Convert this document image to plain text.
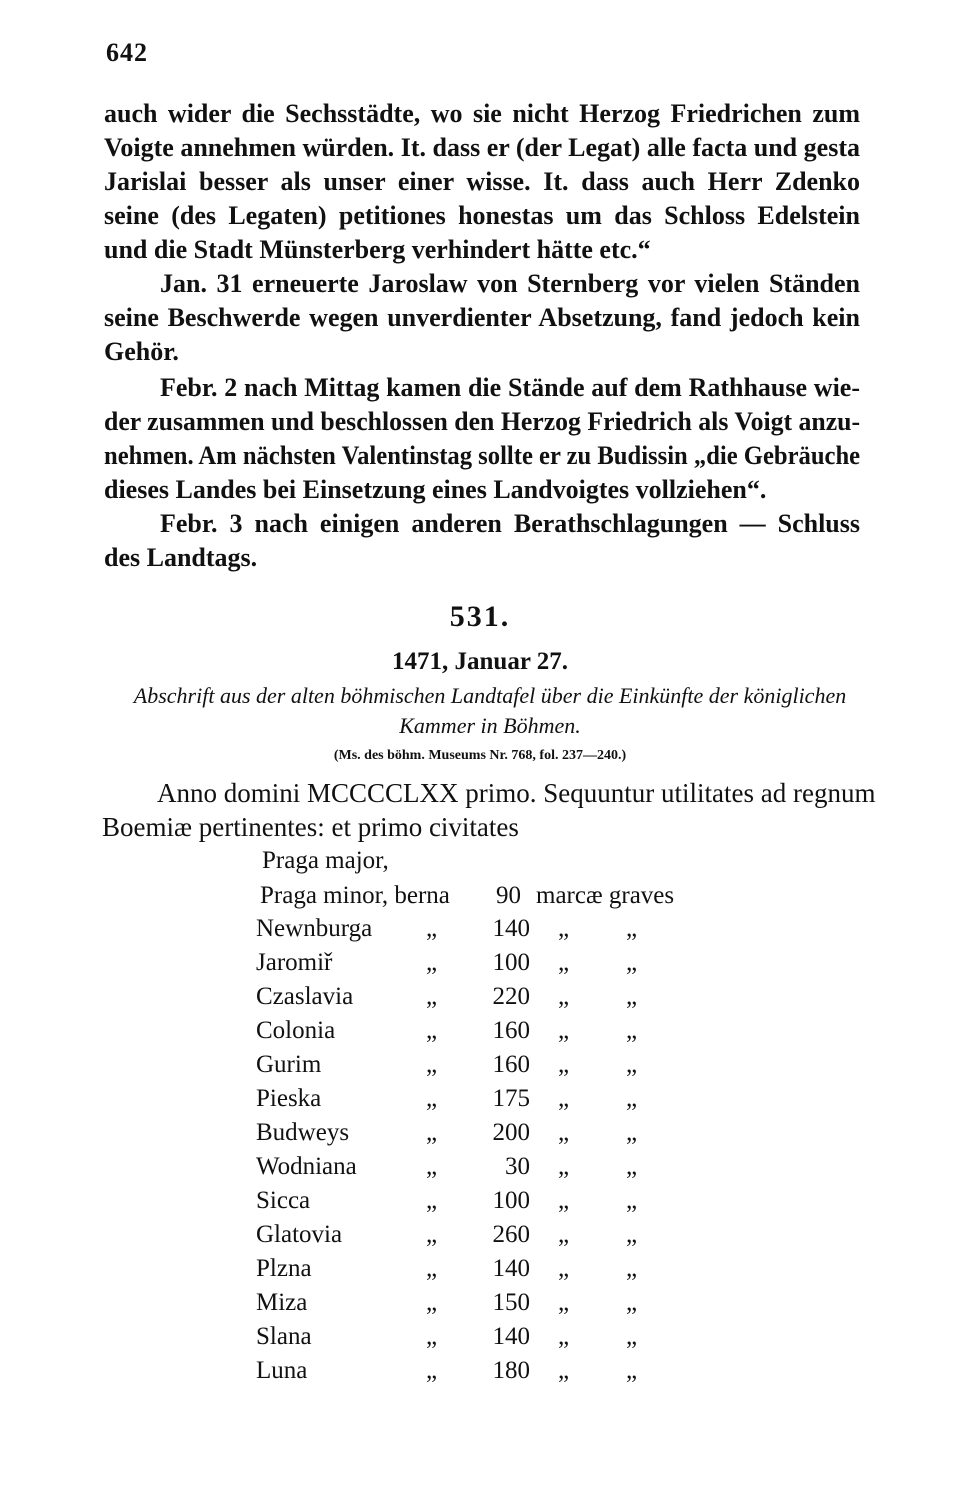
642
auch wider die Sechsstädte, wo sie nicht Herzog Friedrichen zum
Voigte annehmen würden. It. dass er (der Legat) alle facta und gesta
Jarislai besser als unser einer wisse. It. dass auch Herr Zdenko
seine (des Legaten) petitiones honestas um das Schloss Edelstein
und die Stadt Münsterberg verhindert hätte etc.“
Jan. 31 erneuerte Jaroslaw von Sternberg vor vielen Ständen
seine Beschwerde wegen unverdienter Absetzung, fand jedoch kein
Gehör.
Febr. 2 nach Mittag kamen die Stände auf dem Rathhause wie-
der zusammen und beschlossen den Herzog Friedrich als Voigt anzu-
nehmen. Am nächsten Valentinstag sollte er zu Budissin „die Gebräuche
dieses Landes bei Einsetzung eines Landvoigtes vollziehen“.
Febr. 3 nach einigen anderen Berathschlagungen — Schluss
des Landtags.
531.
1471, Januar 27.
Abschrift aus der alten böhmischen Landtafel über die Einkünfte der königlichen
Kammer in Böhmen.
(Ms. des böhm. Museums Nr. 768, fol. 237—240.)
Anno domini MCCCCLXX primo. Sequuntur utilitates ad regnum
Boemiæ pertinentes: et primo civitates
Praga major,
Praga minor, berna 90 marcæ graves
Newnburga „	140 „ „
Jaromiř	„	100 „ „
Czaslavia	„	220 „ „
Colonia	„	160 „ „
Gurim	„	160 „ „
Pieska	„	175 „ „
Budweys	„	200 „ „
Wodniana	„	30 „ „
Sicca	„	100 „ „
Glatovia	„	260 „ „
Plzna	„	140 „ „
Miza	„	150 „ „
Slana	„	140 „ „
Luna	„	180 „ „
